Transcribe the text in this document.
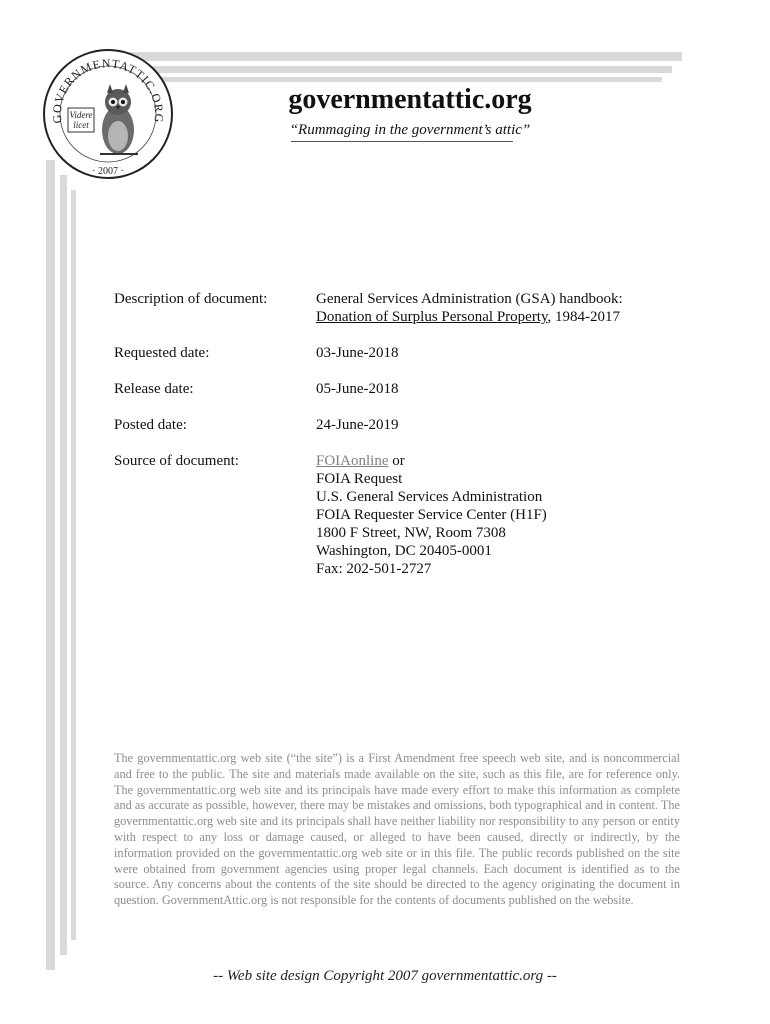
GOVERNMENTATTIC.ORG
Videre
licet
· 2007 ·
governmentattic.org
“Rummaging in the government’s attic”
Description of document:	General Services Administration (GSA) handbook:
Donation of Surplus Personal Property, 1984-2017
Requested date:	03-June-2018
Release date:	05-June-2018
Posted date:	24-June-2019
Source of document:	FOIAonline or
FOIA Request
U.S. General Services Administration
FOIA Requester Service Center (H1F)
1800 F Street, NW, Room 7308
Washington, DC 20405-0001
Fax: 202-501-2727
The governmentattic.org web site (“the site”) is a First Amendment free speech web site, and is noncommercial and free to the public. The site and materials made available on the site, such as this file, are for reference only. The governmentattic.org web site and its principals have made every effort to make this information as complete and as accurate as possible, however, there may be mistakes and omissions, both typographical and in content. The governmentattic.org web site and its principals shall have neither liability nor responsibility to any person or entity with respect to any loss or damage caused, or alleged to have been caused, directly or indirectly, by the information provided on the governmentattic.org web site or in this file. The public records published on the site were obtained from government agencies using proper legal channels. Each document is identified as to the source. Any concerns about the contents of the site should be directed to the agency originating the document in question. GovernmentAttic.org is not responsible for the contents of documents published on the website.
-- Web site design Copyright 2007 governmentattic.org --
